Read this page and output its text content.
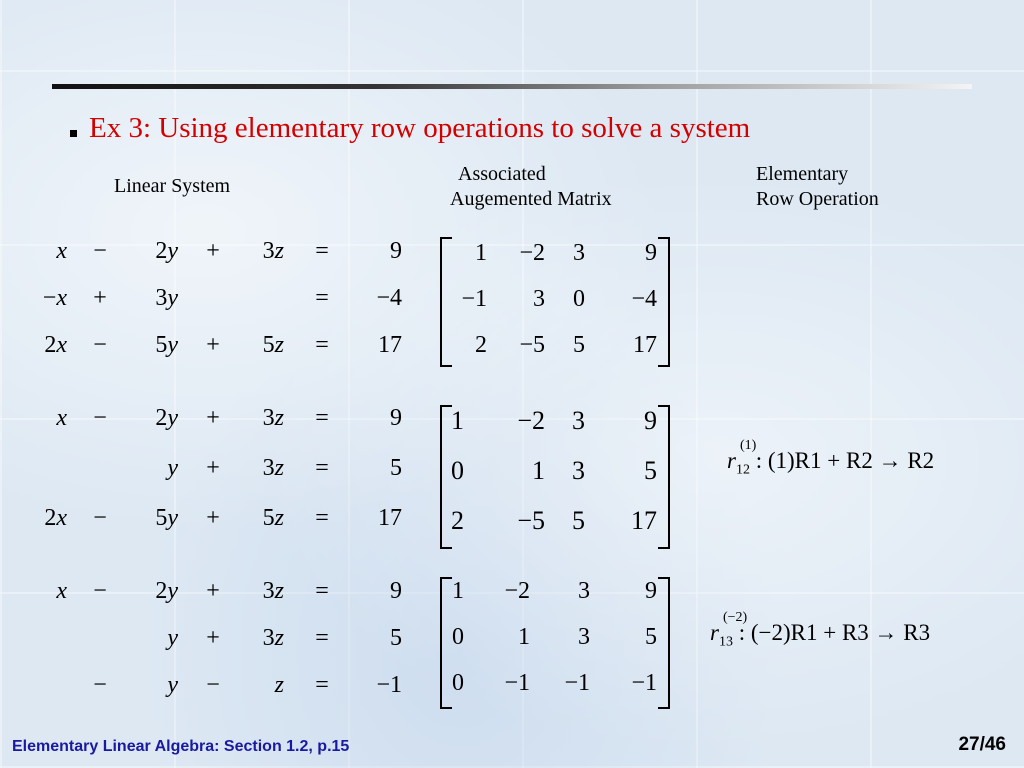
Ex 3: Using elementary row operations to solve a system
Linear System
Associated
Augemented Matrix
Elementary
Row Operation
x −	2y +	3z =	9
−x +	3y	=	−4
2x −	5y +	5z =	17
x −	2y +	3z =	9
y +	3z =	5
2x −	5y +	5z =	17
x −	2y +	3z =	9
y +	3z =	5
−	y −	z =	−1
1	−2	3	9
−1	3	0	−4
2	−5	5	17
1	−2	3	9
0	1	3	5
2	−5	5	17
1	−2	3	9
0	1	3	5
0	−1	−1	−1
$r_{12}$
(1)
: (1)R1 + R2 → R2
$r_{13}$
(−2)
: (−2)R1 + R3 → R3
Elementary Linear Algebra: Section 1.2, p.15	27/46
